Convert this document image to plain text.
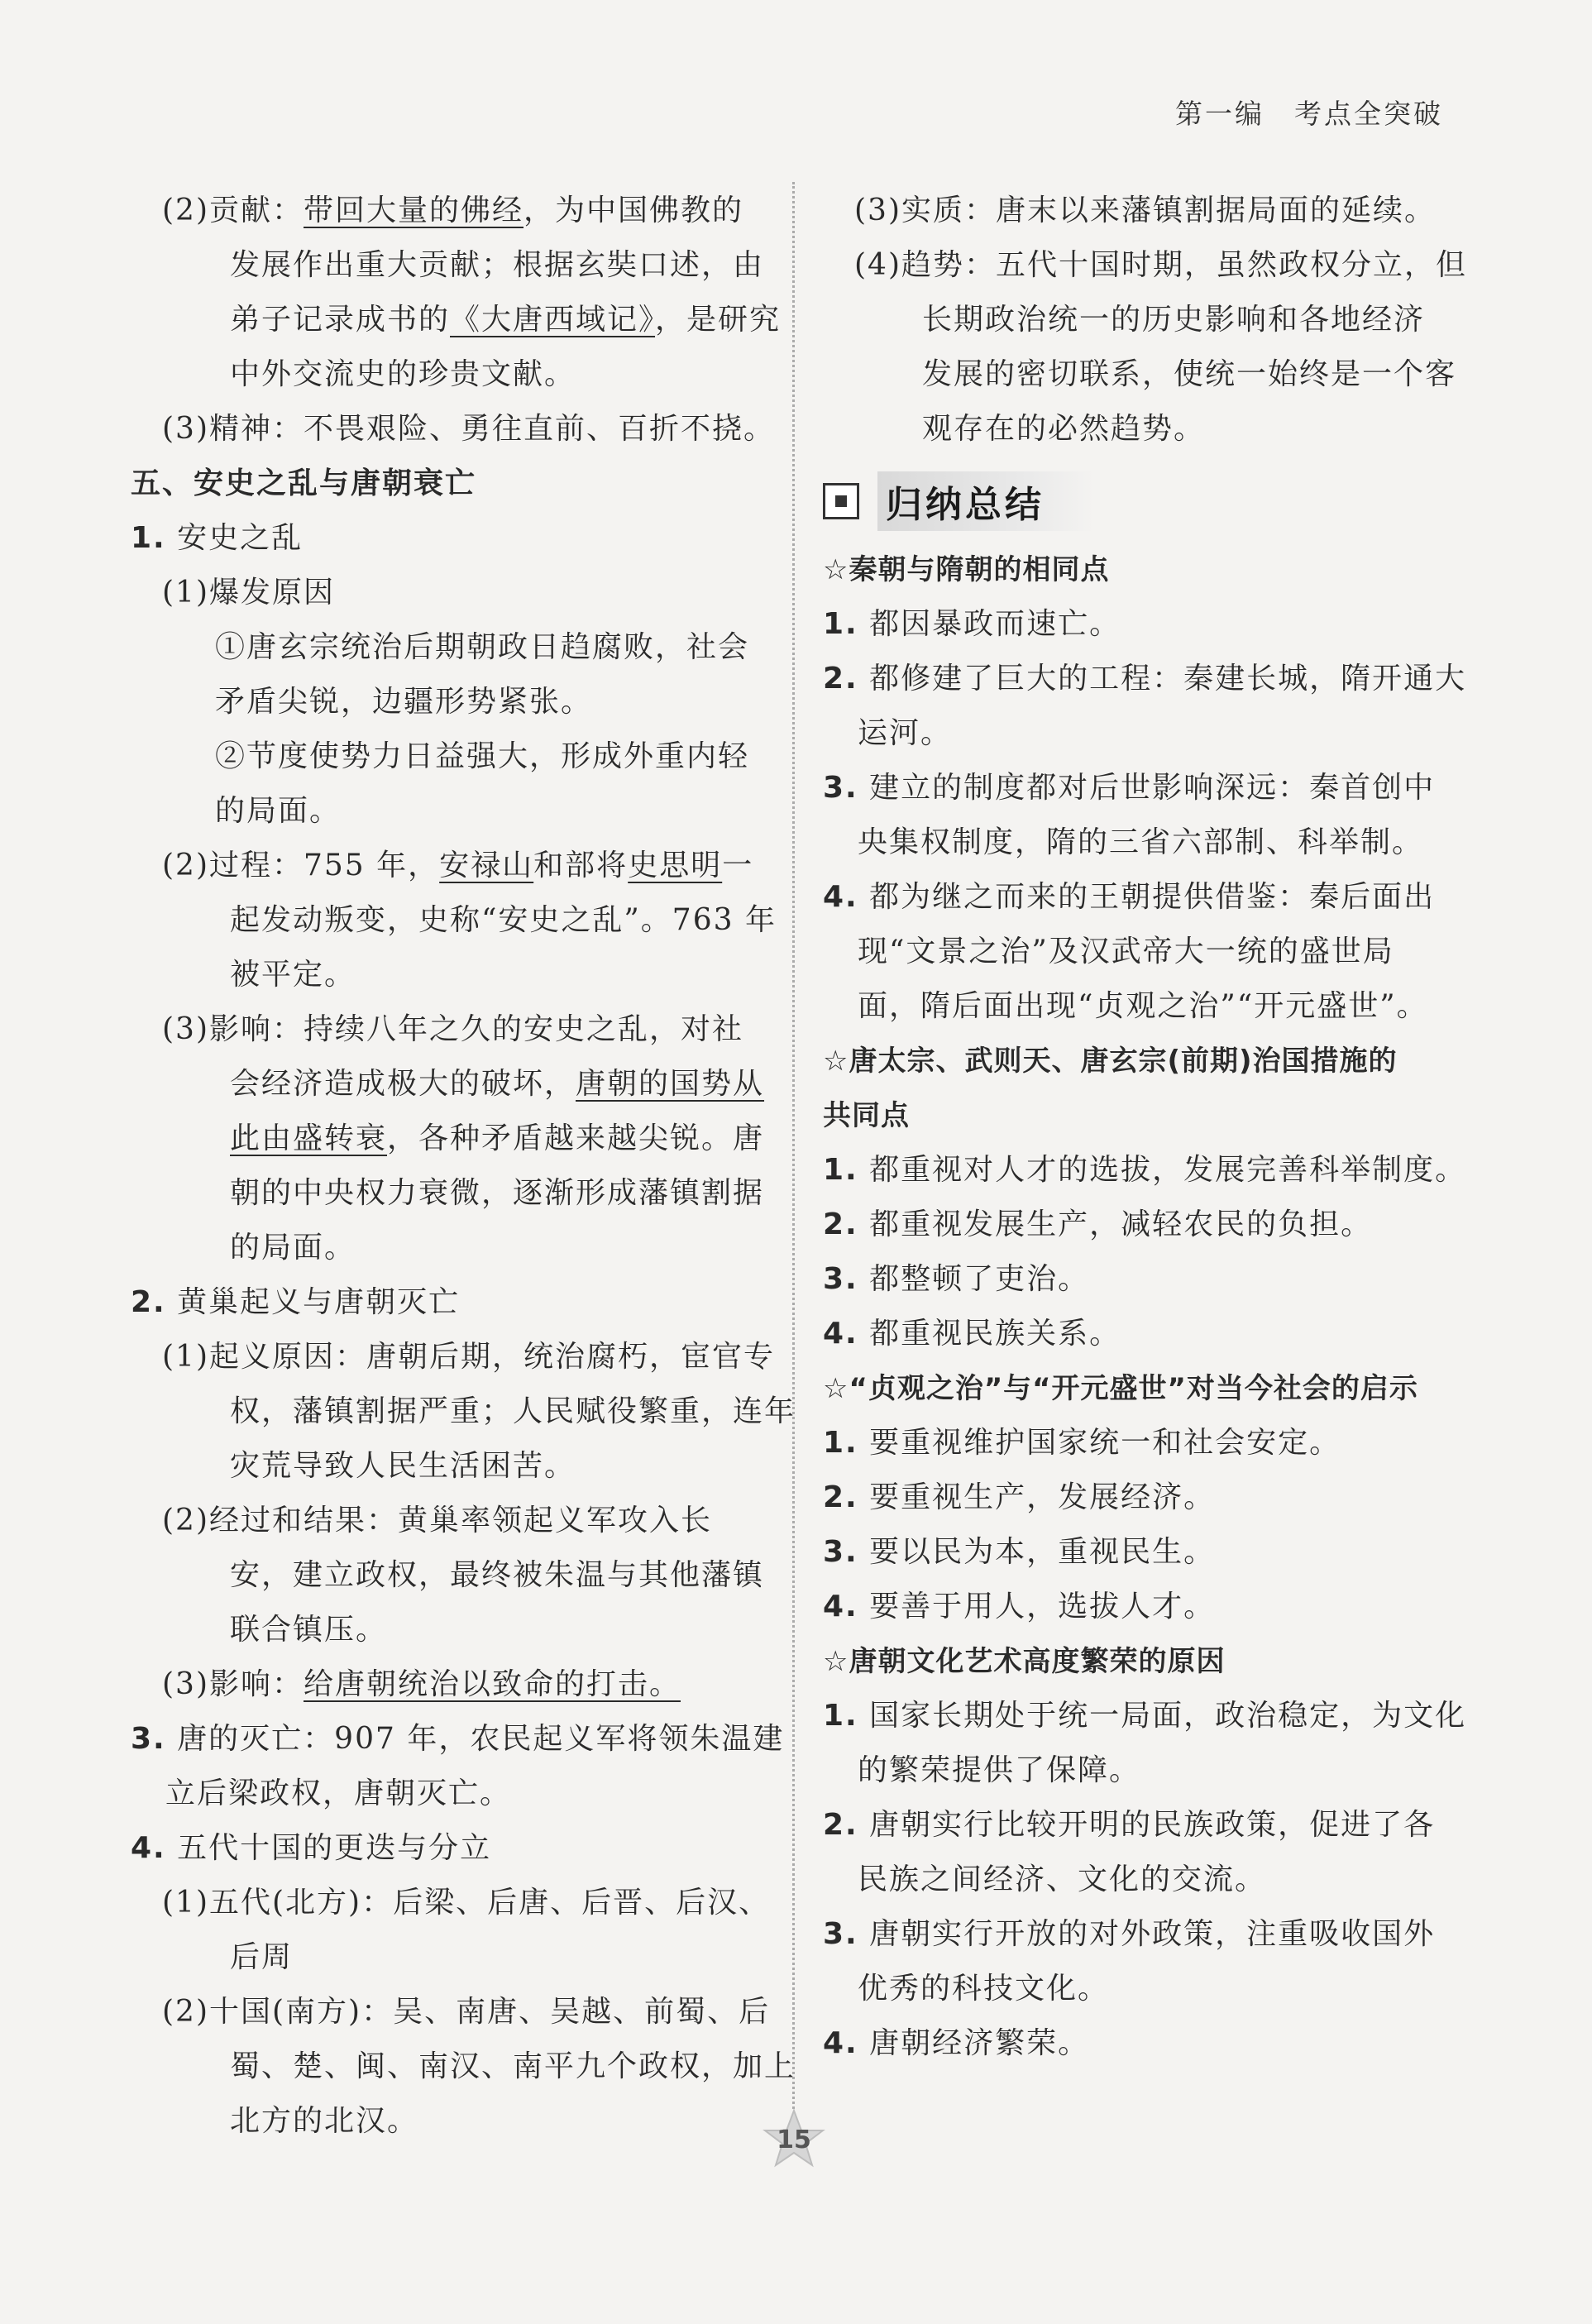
第一编　考点全突破
(2)贡献：带回大量的佛经，为中国佛教的
发展作出重大贡献；根据玄奘口述，由
弟子记录成书的《大唐西域记》，是研究
中外交流史的珍贵文献。
(3)精神：不畏艰险、勇往直前、百折不挠。
五、安史之乱与唐朝衰亡
1. 安史之乱
(1)爆发原因
①唐玄宗统治后期朝政日趋腐败，社会
矛盾尖锐，边疆形势紧张。
②节度使势力日益强大，形成外重内轻
的局面。
(2)过程：755 年，安禄山和部将史思明一
起发动叛变，史称“安史之乱”。763 年
被平定。
(3)影响：持续八年之久的安史之乱，对社
会经济造成极大的破坏，唐朝的国势从
此由盛转衰，各种矛盾越来越尖锐。唐
朝的中央权力衰微，逐渐形成藩镇割据
的局面。
2. 黄巢起义与唐朝灭亡
(1)起义原因：唐朝后期，统治腐朽，宦官专
权，藩镇割据严重；人民赋役繁重，连年
灾荒导致人民生活困苦。
(2)经过和结果：黄巢率领起义军攻入长
安，建立政权，最终被朱温与其他藩镇
联合镇压。
(3)影响：给唐朝统治以致命的打击。
3. 唐的灭亡：907 年，农民起义军将领朱温建
立后梁政权，唐朝灭亡。
4. 五代十国的更迭与分立
(1)五代(北方)：后梁、后唐、后晋、后汉、
后周
(2)十国(南方)：吴、南唐、吴越、前蜀、后
蜀、楚、闽、南汉、南平九个政权，加上
北方的北汉。
(3)实质：唐末以来藩镇割据局面的延续。
(4)趋势：五代十国时期，虽然政权分立，但
长期政治统一的历史影响和各地经济
发展的密切联系，使统一始终是一个客
观存在的必然趋势。
归纳总结
☆秦朝与隋朝的相同点
1. 都因暴政而速亡。
2. 都修建了巨大的工程：秦建长城，隋开通大
运河。
3. 建立的制度都对后世影响深远：秦首创中
央集权制度，隋的三省六部制、科举制。
4. 都为继之而来的王朝提供借鉴：秦后面出
现“文景之治”及汉武帝大一统的盛世局
面，隋后面出现“贞观之治”“开元盛世”。
☆唐太宗、武则天、唐玄宗(前期)治国措施的
共同点
1. 都重视对人才的选拔，发展完善科举制度。
2. 都重视发展生产，减轻农民的负担。
3. 都整顿了吏治。
4. 都重视民族关系。
☆“贞观之治”与“开元盛世”对当今社会的启示
1. 要重视维护国家统一和社会安定。
2. 要重视生产，发展经济。
3. 要以民为本，重视民生。
4. 要善于用人，选拔人才。
☆唐朝文化艺术高度繁荣的原因
1. 国家长期处于统一局面，政治稳定，为文化
的繁荣提供了保障。
2. 唐朝实行比较开明的民族政策，促进了各
民族之间经济、文化的交流。
3. 唐朝实行开放的对外政策，注重吸收国外
优秀的科技文化。
4. 唐朝经济繁荣。
15
